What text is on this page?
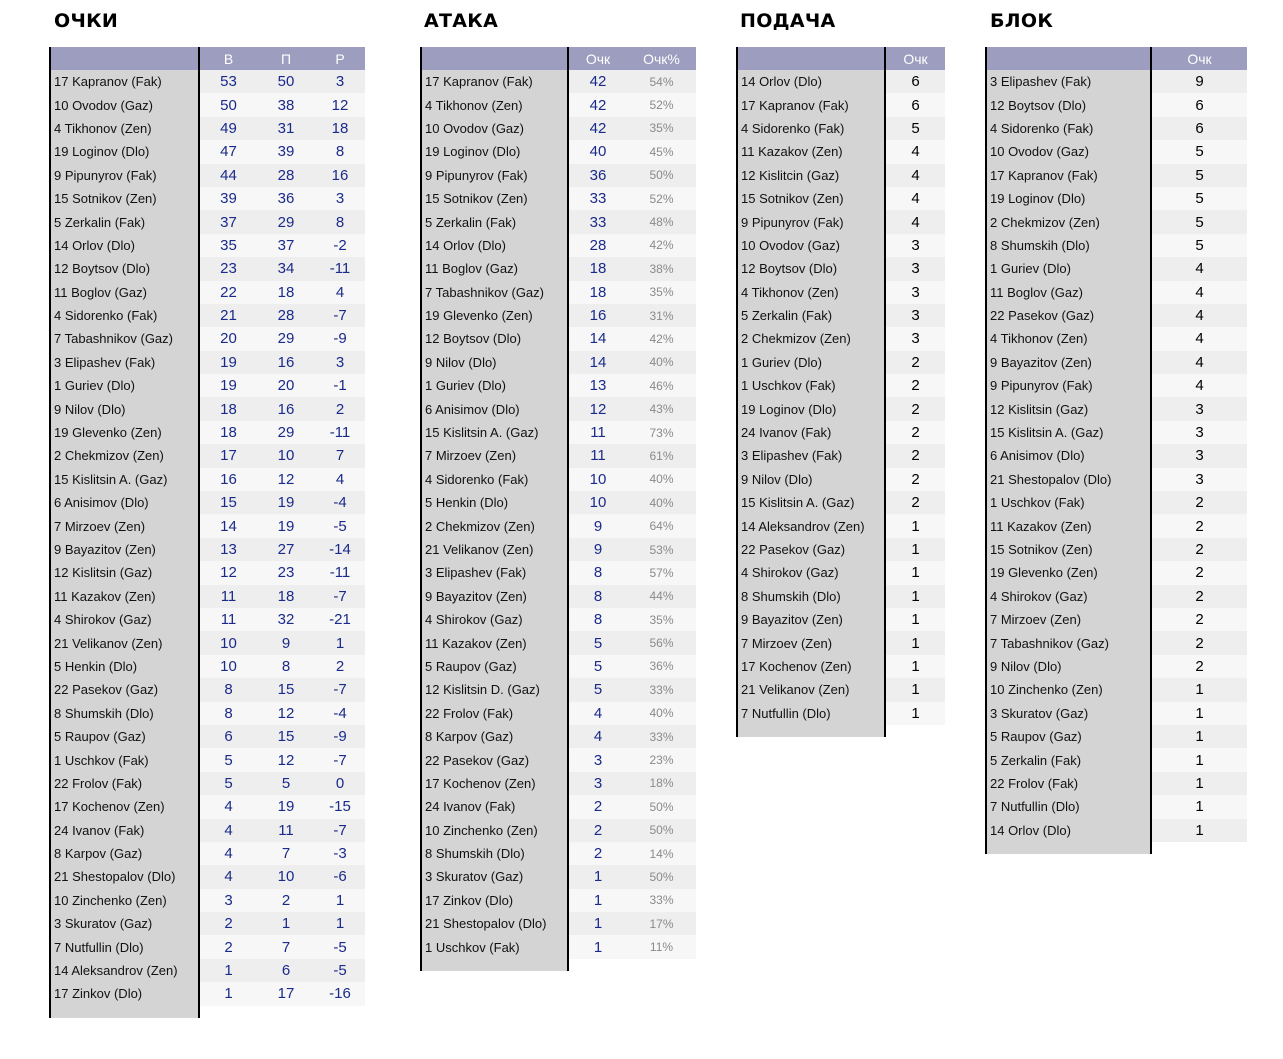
ОЧКИ	АТАКА	ПОДАЧА	БЛОК
	В	П	Р
17 Kapranov (Fak)	53	50	3
10 Ovodov (Gaz)	50	38	12
4 Tikhonov (Zen)	49	31	18
19 Loginov (Dlo)	47	39	8
9 Pipunyrov (Fak)	44	28	16
15 Sotnikov (Zen)	39	36	3
5 Zerkalin (Fak)	37	29	8
14 Orlov (Dlo)	35	37	-2
12 Boytsov (Dlo)	23	34	-11
11 Boglov (Gaz)	22	18	4
4 Sidorenko (Fak)	21	28	-7
7 Tabashnikov (Gaz)	20	29	-9
3 Elipashev (Fak)	19	16	3
1 Guriev (Dlo)	19	20	-1
9 Nilov (Dlo)	18	16	2
19 Glevenko (Zen)	18	29	-11
2 Chekmizov (Zen)	17	10	7
15 Kislitsin A. (Gaz)	16	12	4
6 Anisimov (Dlo)	15	19	-4
7 Mirzoev (Zen)	14	19	-5
9 Bayazitov (Zen)	13	27	-14
12 Kislitsin (Gaz)	12	23	-11
11 Kazakov (Zen)	11	18	-7
4 Shirokov (Gaz)	11	32	-21
21 Velikanov (Zen)	10	9	1
5 Henkin (Dlo)	10	8	2
22 Pasekov (Gaz)	8	15	-7
8 Shumskih (Dlo)	8	12	-4
5 Raupov (Gaz)	6	15	-9
1 Uschkov (Fak)	5	12	-7
22 Frolov (Fak)	5	5	0
17 Kochenov (Zen)	4	19	-15
24 Ivanov (Fak)	4	11	-7
8 Karpov (Gaz)	4	7	-3
21 Shestopalov (Dlo)	4	10	-6
10 Zinchenko (Zen)	3	2	1
3 Skuratov (Gaz)	2	1	1
7 Nutfullin (Dlo)	2	7	-5
14 Aleksandrov (Zen)	1	6	-5
17 Zinkov (Dlo)	1	17	-16

	Очк	Очк%
17 Kapranov (Fak)	42	54%
4 Tikhonov (Zen)	42	52%
10 Ovodov (Gaz)	42	35%
19 Loginov (Dlo)	40	45%
9 Pipunyrov (Fak)	36	50%
15 Sotnikov (Zen)	33	52%
5 Zerkalin (Fak)	33	48%
14 Orlov (Dlo)	28	42%
11 Boglov (Gaz)	18	38%
7 Tabashnikov (Gaz)	18	35%
19 Glevenko (Zen)	16	31%
12 Boytsov (Dlo)	14	42%
9 Nilov (Dlo)	14	40%
1 Guriev (Dlo)	13	46%
6 Anisimov (Dlo)	12	43%
15 Kislitsin A. (Gaz)	11	73%
7 Mirzoev (Zen)	11	61%
4 Sidorenko (Fak)	10	40%
5 Henkin (Dlo)	10	40%
2 Chekmizov (Zen)	9	64%
21 Velikanov (Zen)	9	53%
3 Elipashev (Fak)	8	57%
9 Bayazitov (Zen)	8	44%
4 Shirokov (Gaz)	8	35%
11 Kazakov (Zen)	5	56%
5 Raupov (Gaz)	5	36%
12 Kislitsin D. (Gaz)	5	33%
22 Frolov (Fak)	4	40%
8 Karpov (Gaz)	4	33%
22 Pasekov (Gaz)	3	23%
17 Kochenov (Zen)	3	18%
24 Ivanov (Fak)	2	50%
10 Zinchenko (Zen)	2	50%
8 Shumskih (Dlo)	2	14%
3 Skuratov (Gaz)	1	50%
17 Zinkov (Dlo)	1	33%
21 Shestopalov (Dlo)	1	17%
1 Uschkov (Fak)	1	11%

	Очк
14 Orlov (Dlo)	6
17 Kapranov (Fak)	6
4 Sidorenko (Fak)	5
11 Kazakov (Zen)	4
12 Kislitcin (Gaz)	4
15 Sotnikov (Zen)	4
9 Pipunyrov (Fak)	4
10 Ovodov (Gaz)	3
12 Boytsov (Dlo)	3
4 Tikhonov (Zen)	3
5 Zerkalin (Fak)	3
2 Chekmizov (Zen)	3
1 Guriev (Dlo)	2
1 Uschkov (Fak)	2
19 Loginov (Dlo)	2
24 Ivanov (Fak)	2
3 Elipashev (Fak)	2
9 Nilov (Dlo)	2
15 Kislitsin A. (Gaz)	2
14 Aleksandrov (Zen)	1
22 Pasekov (Gaz)	1
4 Shirokov (Gaz)	1
8 Shumskih (Dlo)	1
9 Bayazitov (Zen)	1
7 Mirzoev (Zen)	1
17 Kochenov (Zen)	1
21 Velikanov (Zen)	1
7 Nutfullin (Dlo)	1

	Очк
3 Elipashev (Fak)	9
12 Boytsov (Dlo)	6
4 Sidorenko (Fak)	6
10 Ovodov (Gaz)	5
17 Kapranov (Fak)	5
19 Loginov (Dlo)	5
2 Chekmizov (Zen)	5
8 Shumskih (Dlo)	5
1 Guriev (Dlo)	4
11 Boglov (Gaz)	4
22 Pasekov (Gaz)	4
4 Tikhonov (Zen)	4
9 Bayazitov (Zen)	4
9 Pipunyrov (Fak)	4
12 Kislitsin (Gaz)	3
15 Kislitsin A. (Gaz)	3
6 Anisimov (Dlo)	3
21 Shestopalov (Dlo)	3
1 Uschkov (Fak)	2
11 Kazakov (Zen)	2
15 Sotnikov (Zen)	2
19 Glevenko (Zen)	2
4 Shirokov (Gaz)	2
7 Mirzoev (Zen)	2
7 Tabashnikov (Gaz)	2
9 Nilov (Dlo)	2
10 Zinchenko (Zen)	1
3 Skuratov (Gaz)	1
5 Raupov (Gaz)	1
5 Zerkalin (Fak)	1
22 Frolov (Fak)	1
7 Nutfullin (Dlo)	1
14 Orlov (Dlo)	1
